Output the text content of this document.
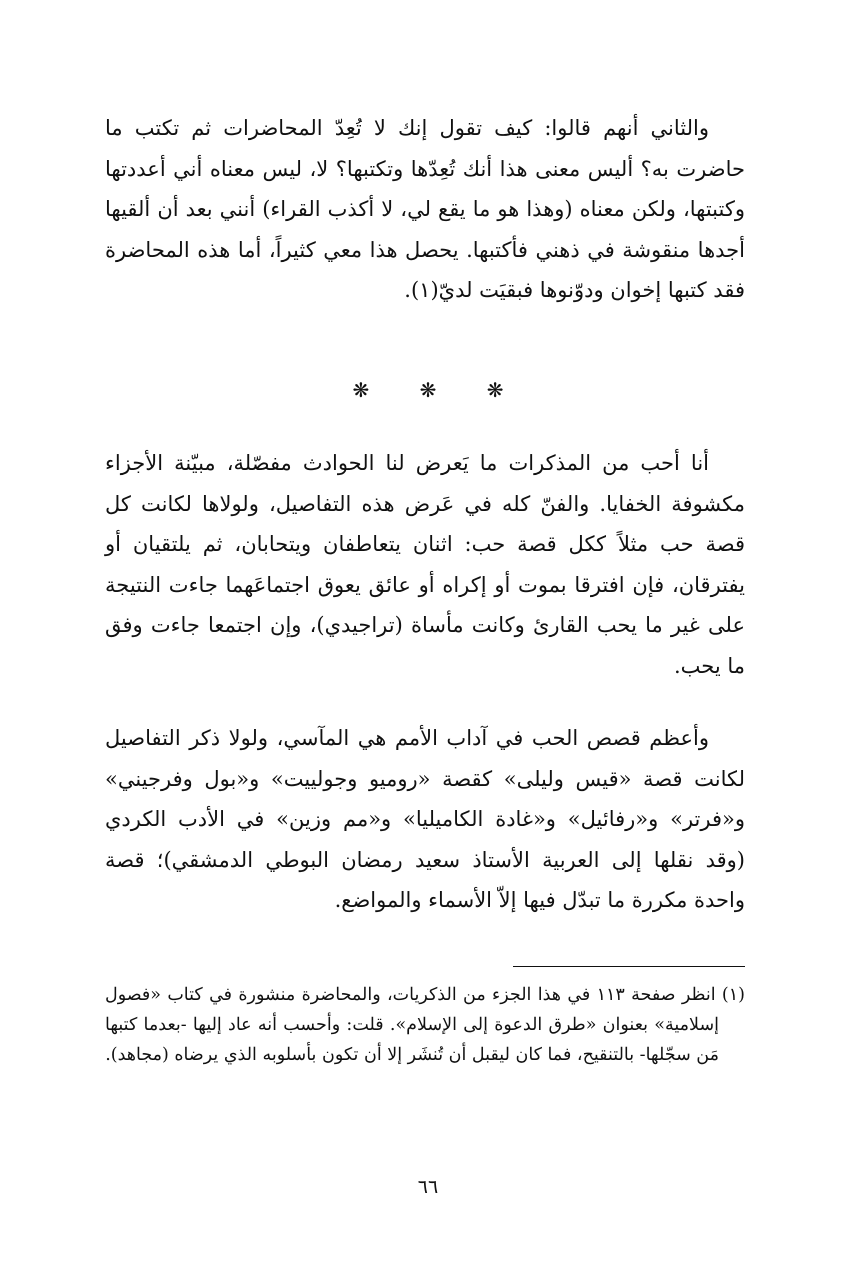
والثاني أنهم قالوا: كيف تقول إنك لا تُعِدّ المحاضرات ثم تكتب ما حاضرت به؟ أليس معنى هذا أنك تُعِدّها وتكتبها؟ لا، ليس معناه أني أعددتها وكتبتها، ولكن معناه (وهذا هو ما يقع لي، لا أكذب القراء) أنني بعد أن ألقيها أجدها منقوشة في ذهني فأكتبها. يحصل هذا معي كثيراً، أما هذه المحاضرة فقد كتبها إخوان ودوّنوها فبقيَت لديّ(١).

❋ ❋ ❋

أنا أحب من المذكرات ما يَعرض لنا الحوادث مفصّلة، مبيّنة الأجزاء مكشوفة الخفايا. والفنّ كله في عَرض هذه التفاصيل، ولولاها لكانت كل قصة حب مثلاً ككل قصة حب: اثنان يتعاطفان ويتحابان، ثم يلتقيان أو يفترقان، فإن افترقا بموت أو إكراه أو عائق يعوق اجتماعَهما جاءت النتيجة على غير ما يحب القارئ وكانت مأساة (تراجيدي)، وإن اجتمعا جاءت وفق ما يحب.

وأعظم قصص الحب في آداب الأمم هي المآسي، ولولا ذكر التفاصيل لكانت قصة «قيس وليلى» كقصة «روميو وجولييت» و«بول وفرجيني» و«فرتر» و«رفائيل» و«غادة الكاميليا» و«مم وزين» في الأدب الكردي (وقد نقلها إلى العربية الأستاذ سعيد رمضان البوطي الدمشقي)؛ قصة واحدة مكررة ما تبدّل فيها إلاّ الأسماء والمواضع.

(١) انظر صفحة ١١٣ في هذا الجزء من الذكريات، والمحاضرة منشورة في كتاب «فصول إسلامية» بعنوان «طرق الدعوة إلى الإسلام». قلت: وأحسب أنه عاد إليها -بعدما كتبها مَن سجّلها- بالتنقيح، فما كان ليقبل أن تُنشَر إلا أن تكون بأسلوبه الذي يرضاه (مجاهد).

٦٦
